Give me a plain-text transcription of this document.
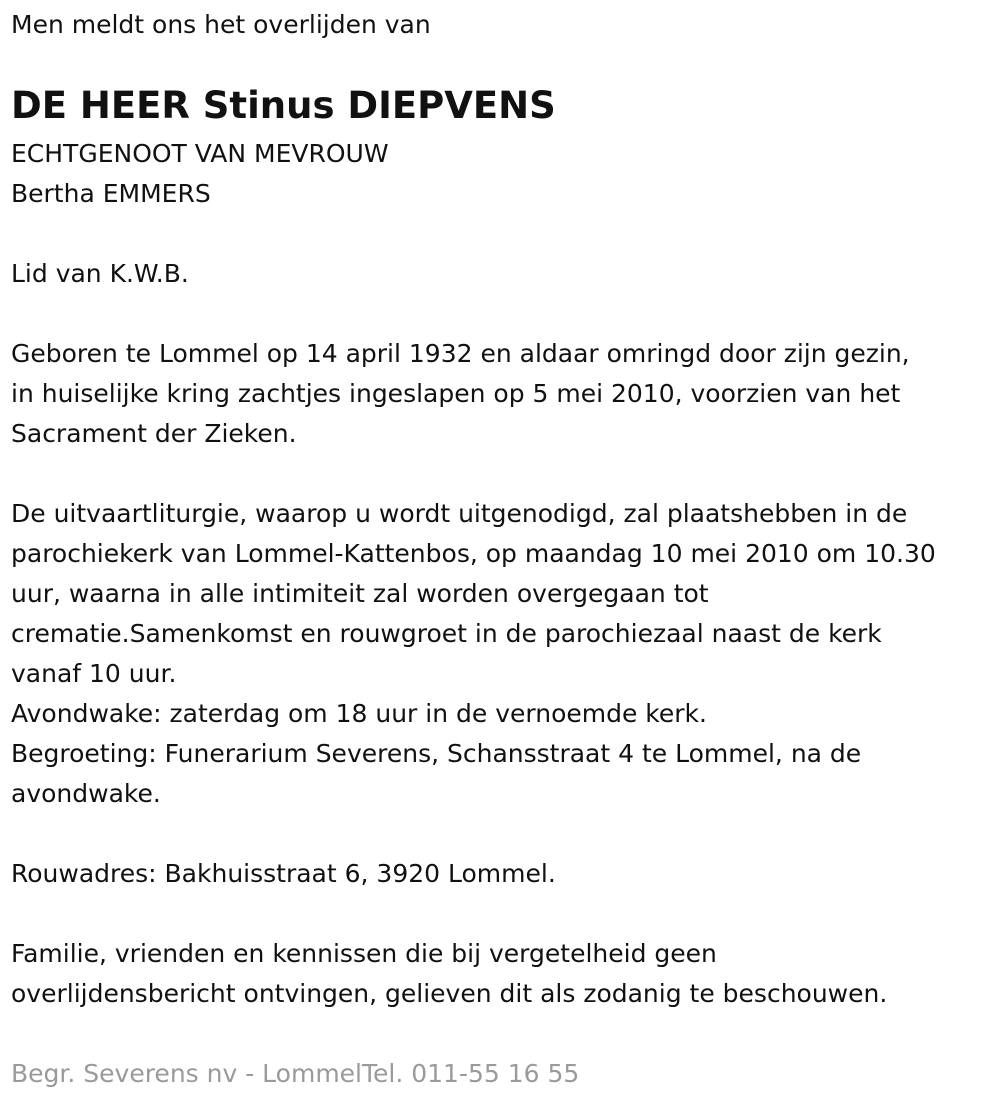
Men meldt ons het overlijden van
DE HEER Stinus DIEPVENS
ECHTGENOOT VAN MEVROUW
Bertha EMMERS
Lid van K.W.B.
Geboren te Lommel op 14 april 1932 en aldaar omringd door zijn gezin,
in huiselijke kring zachtjes ingeslapen op 5 mei 2010, voorzien van het
Sacrament der Zieken.
De uitvaartliturgie, waarop u wordt uitgenodigd, zal plaatshebben in de
parochiekerk van Lommel-Kattenbos, op maandag 10 mei 2010 om 10.30
uur, waarna in alle intimiteit zal worden overgegaan tot
crematie.Samenkomst en rouwgroet in de parochiezaal naast de kerk
vanaf 10 uur.
Avondwake: zaterdag om 18 uur in de vernoemde kerk.
Begroeting: Funerarium Severens, Schansstraat 4 te Lommel, na de
avondwake.
Rouwadres: Bakhuisstraat 6, 3920 Lommel.
Familie, vrienden en kennissen die bij vergetelheid geen
overlijdensbericht ontvingen, gelieven dit als zodanig te beschouwen.
Begr. Severens nv - LommelTel. 011-55 16 55
